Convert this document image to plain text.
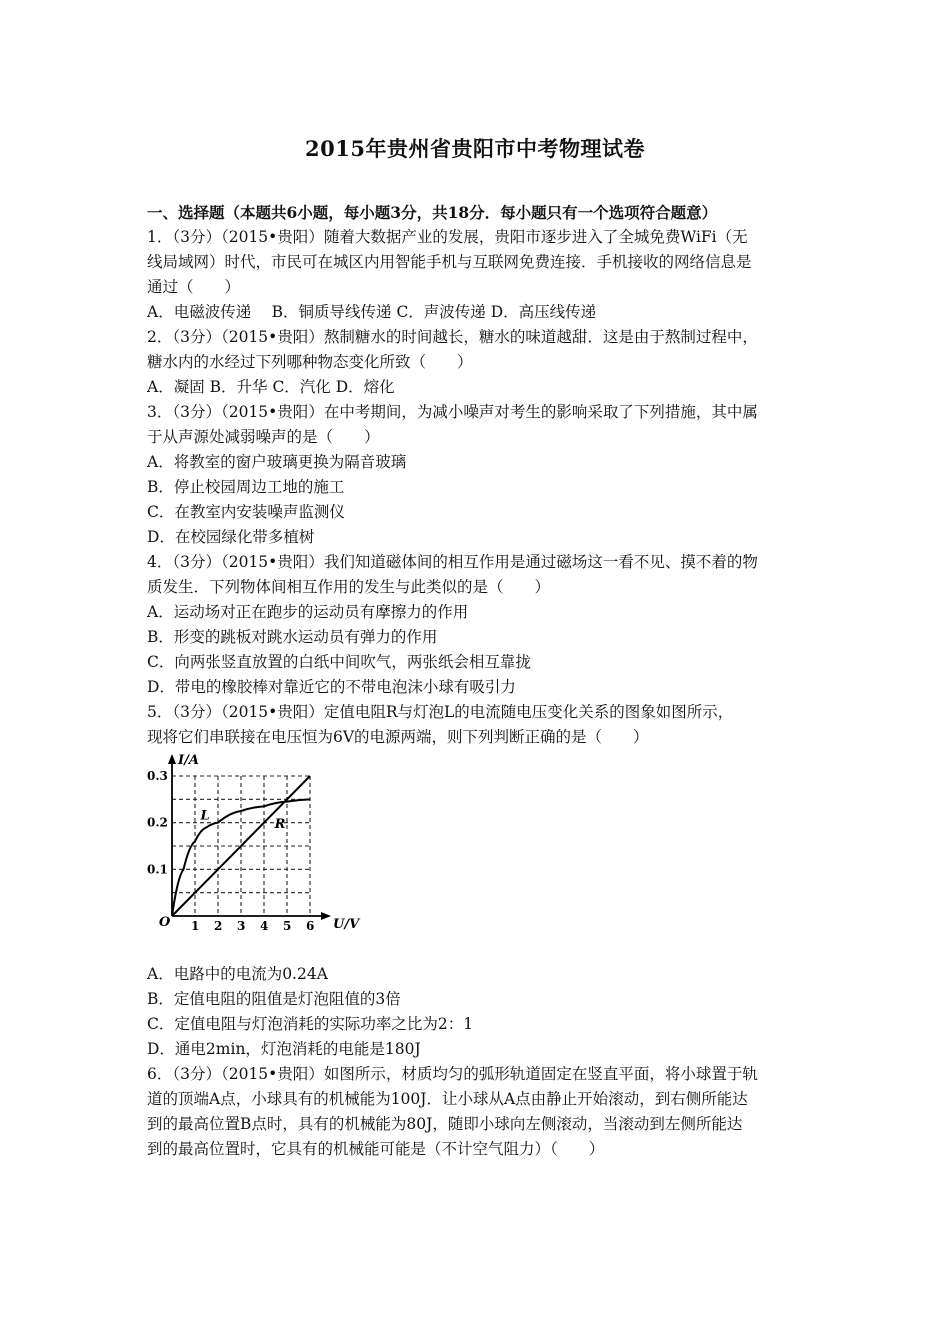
2015年贵州省贵阳市中考物理试卷
一、选择题（本题共6小题，每小题3分，共18分．每小题只有一个选项符合题意）
1．（3分）（2015•贵阳）随着大数据产业的发展，贵阳市逐步进入了全城免费WiFi（无
线局域网）时代，市民可在城区内用智能手机与互联网免费连接．手机接收的网络信息是
通过（　　）
A．电磁波传递　 B．铜质导线传递 C．声波传递 D．高压线传递
2．（3分）（2015•贵阳）熬制糖水的时间越长，糖水的味道越甜．这是由于熬制过程中，
糖水内的水经过下列哪种物态变化所致（　　）
A．凝固 B．升华 C．汽化 D．熔化
3．（3分）（2015•贵阳）在中考期间，为减小噪声对考生的影响采取了下列措施，其中属
于从声源处减弱噪声的是（　　）
A．将教室的窗户玻璃更换为隔音玻璃
B．停止校园周边工地的施工
C．在教室内安装噪声监测仪
D．在校园绿化带多植树
4．（3分）（2015•贵阳）我们知道磁体间的相互作用是通过磁场这一看不见、摸不着的物
质发生．下列物体间相互作用的发生与此类似的是（　　）
A．运动场对正在跑步的运动员有摩擦力的作用
B．形变的跳板对跳水运动员有弹力的作用
C．向两张竖直放置的白纸中间吹气，两张纸会相互靠拢
D．带电的橡胶棒对靠近它的不带电泡沫小球有吸引力
5．（3分）（2015•贵阳）定值电阻R与灯泡L的电流随电压变化关系的图象如图所示，
现将它们串联接在电压恒为6V的电源两端，则下列判断正确的是（　　）
I/A
U/V
O 1 2 3 4 5 6
0.1
0.2
0.3
R
L
A．电路中的电流为0.24A
B．定值电阻的阻值是灯泡阻值的3倍
C．定值电阻与灯泡消耗的实际功率之比为2：1
D．通电2min，灯泡消耗的电能是180J
6．（3分）（2015•贵阳）如图所示，材质均匀的弧形轨道固定在竖直平面，将小球置于轨
道的顶端A点，小球具有的机械能为100J．让小球从A点由静止开始滚动，到右侧所能达
到的最高位置B点时，具有的机械能为80J，随即小球向左侧滚动，当滚动到左侧所能达
到的最高位置时，它具有的机械能可能是（不计空气阻力）（　　）
